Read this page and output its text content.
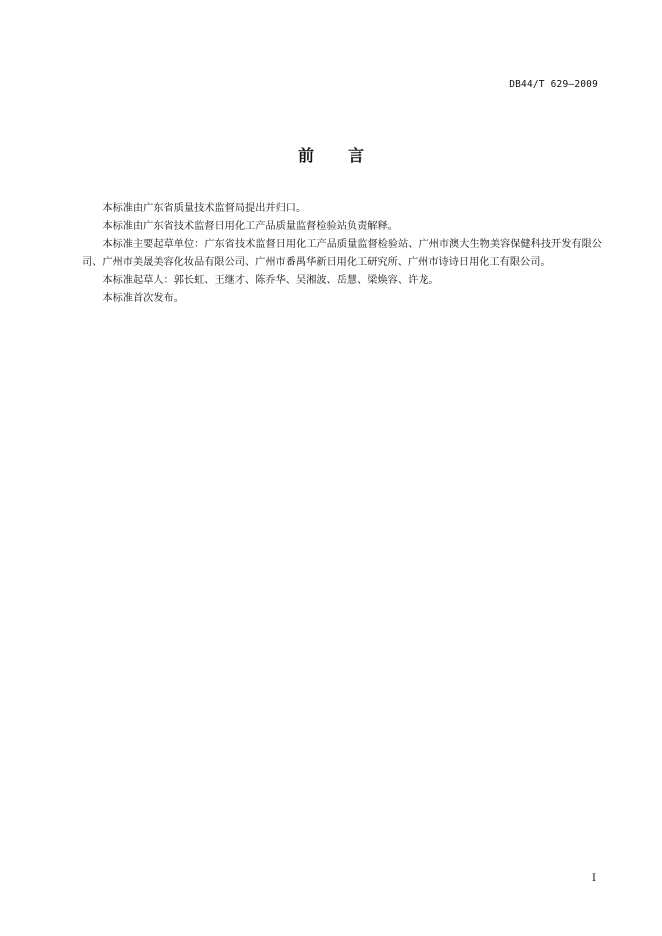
DB44/T 629—2009
前 言

本标准由广东省质量技术监督局提出并归口。

本标准由广东省技术监督日用化工产品质量监督检验站负责解释。

本标准主要起草单位：广东省技术监督日用化工产品质量监督检验站、广州市澳大生物美容保健科技开发有限公司、广州市美晟美容化妆品有限公司、广州市番禺华新日用化工研究所、广州市诗诗日用化工有限公司。

本标准起草人：郭长虹、王继才、陈乔华、吴湘波、岳慧、梁焕容、许龙。

本标准首次发布。

I
